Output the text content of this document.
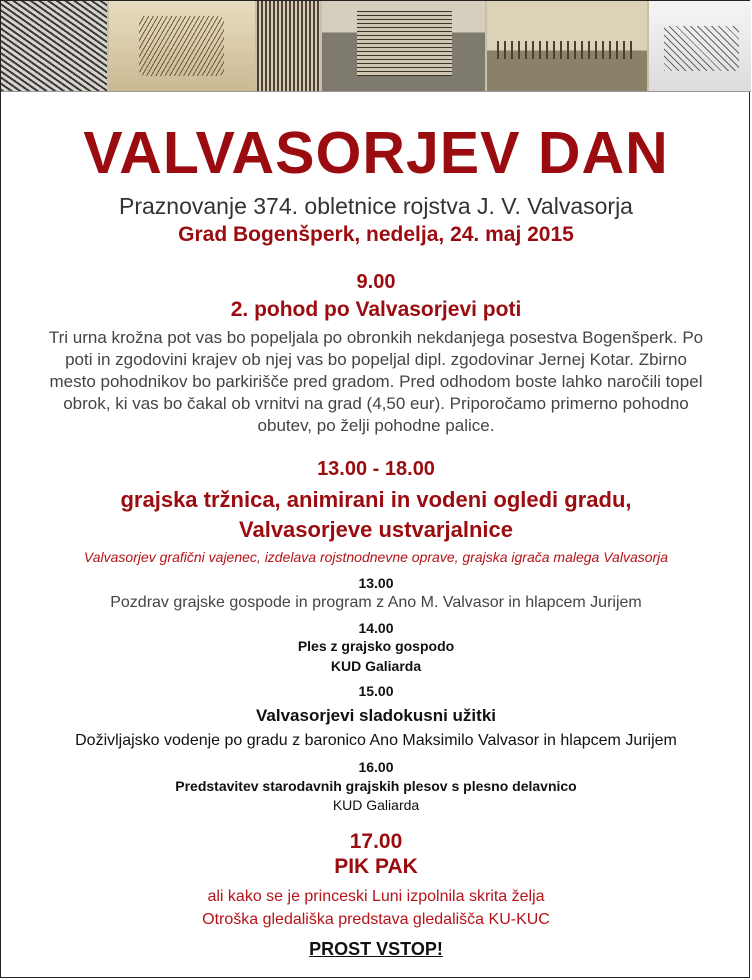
VALVASORJEV DAN
Praznovanje 374. obletnice rojstva J. V. Valvasorja
Grad Bogenšperk, nedelja, 24. maj 2015
9.00
2. pohod po Valvasorjevi poti
Tri urna krožna pot vas bo popeljala po obronkih nekdanjega posestva Bogenšperk. Po poti in zgodovini krajev ob njej vas bo popeljal dipl. zgodovinar Jernej Kotar. Zbirno mesto pohodnikov bo parkirišče pred gradom. Pred odhodom boste lahko naročili topel obrok, ki vas bo čakal ob vrnitvi na grad (4,50 eur). Priporočamo primerno pohodno obutev, po želji pohodne palice.
13.00 - 18.00
grajska tržnica, animirani in vodeni ogledi gradu,
Valvasorjeve ustvarjalnice
Valvasorjev grafični vajenec, izdelava rojstnodnevne oprave, grajska igrača malega Valvasorja
13.00
Pozdrav grajske gospode in program z Ano M. Valvasor in hlapcem Jurijem
14.00
Ples z grajsko gospodo
KUD Galiarda
15.00
Valvasorjevi sladokusni užitki
Doživljajsko vodenje po gradu z baronico Ano Maksimilo Valvasor in hlapcem Jurijem
16.00
Predstavitev starodavnih grajskih plesov s plesno delavnico
KUD Galiarda
17.00
PIK PAK
ali kako se je princeski Luni izpolnila skrita želja
Otroška gledališka predstava gledališča KU-KUC
PROST VSTOP!
